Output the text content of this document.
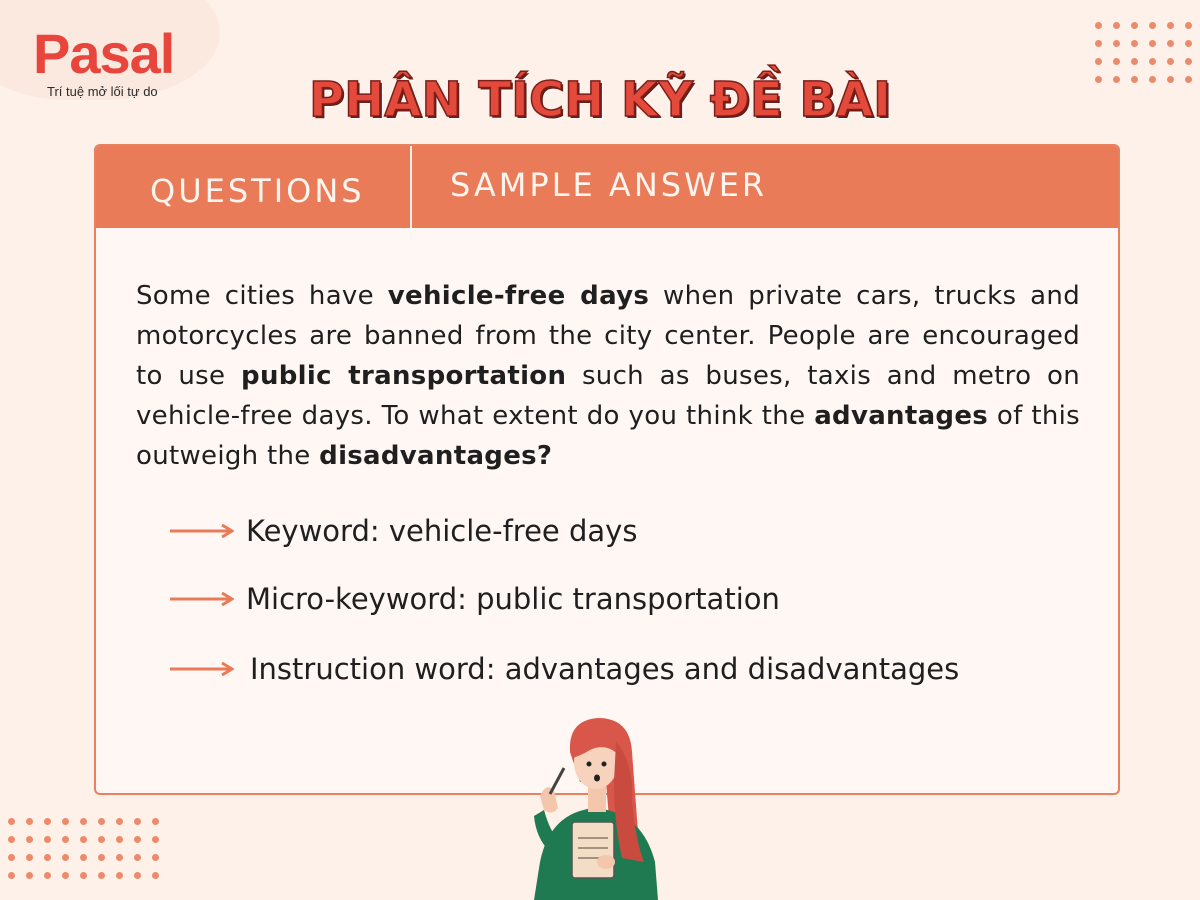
Pasal
Trí tuệ mở lối tự do	PHÂN TÍCH KỸ ĐỀ BÀI
QUESTIONS	SAMPLE ANSWER
Some cities have vehicle-free days when private cars, trucks and motorcycles are banned from the city center. People are encouraged to use public transportation such as buses, taxis and metro on vehicle-free days. To what extent do you think the advantages of this outweigh the disadvantages?
Keyword: vehicle-free days
Micro-keyword: public transportation
Instruction word: advantages and disadvantages
